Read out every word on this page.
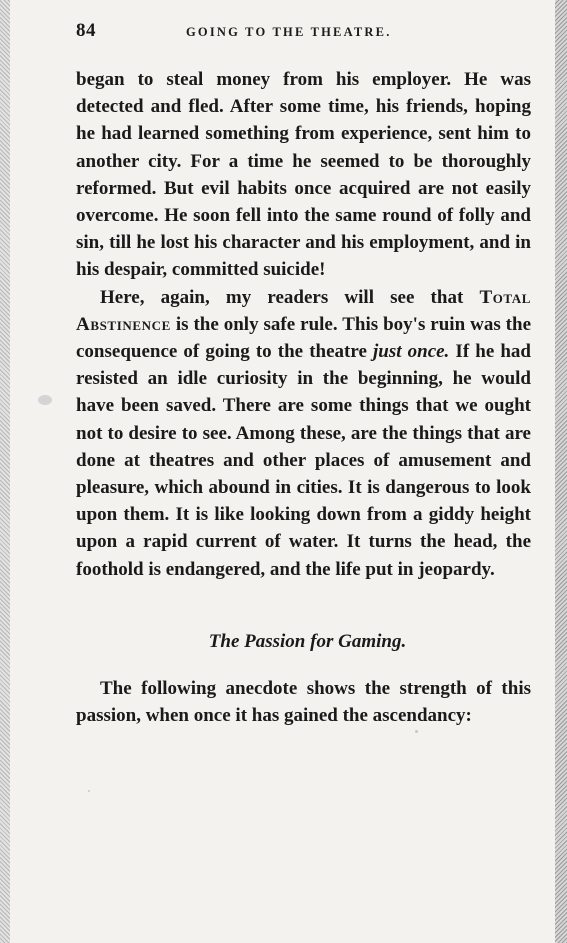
84	GOING TO THE THEATRE.

began to steal money from his employer. He was detected and fled. After some time, his friends, hoping he had learned something from experience, sent him to another city. For a time he seemed to be thoroughly reformed. But evil habits once acquired are not easily overcome. He soon fell into the same round of folly and sin, till he lost his character and his employment, and in his despair, committed suicide!

Here, again, my readers will see that Total Abstinence is the only safe rule. This boy's ruin was the consequence of going to the theatre just once. If he had resisted an idle curiosity in the beginning, he would have been saved. There are some things that we ought not to desire to see. Among these, are the things that are done at theatres and other places of amusement and pleasure, which abound in cities. It is dangerous to look upon them. It is like looking down from a giddy height upon a rapid current of water. It turns the head, the foothold is endangered, and the life put in jeopardy.

The Passion for Gaming.

The following anecdote shows the strength of this passion, when once it has gained the ascendancy:
